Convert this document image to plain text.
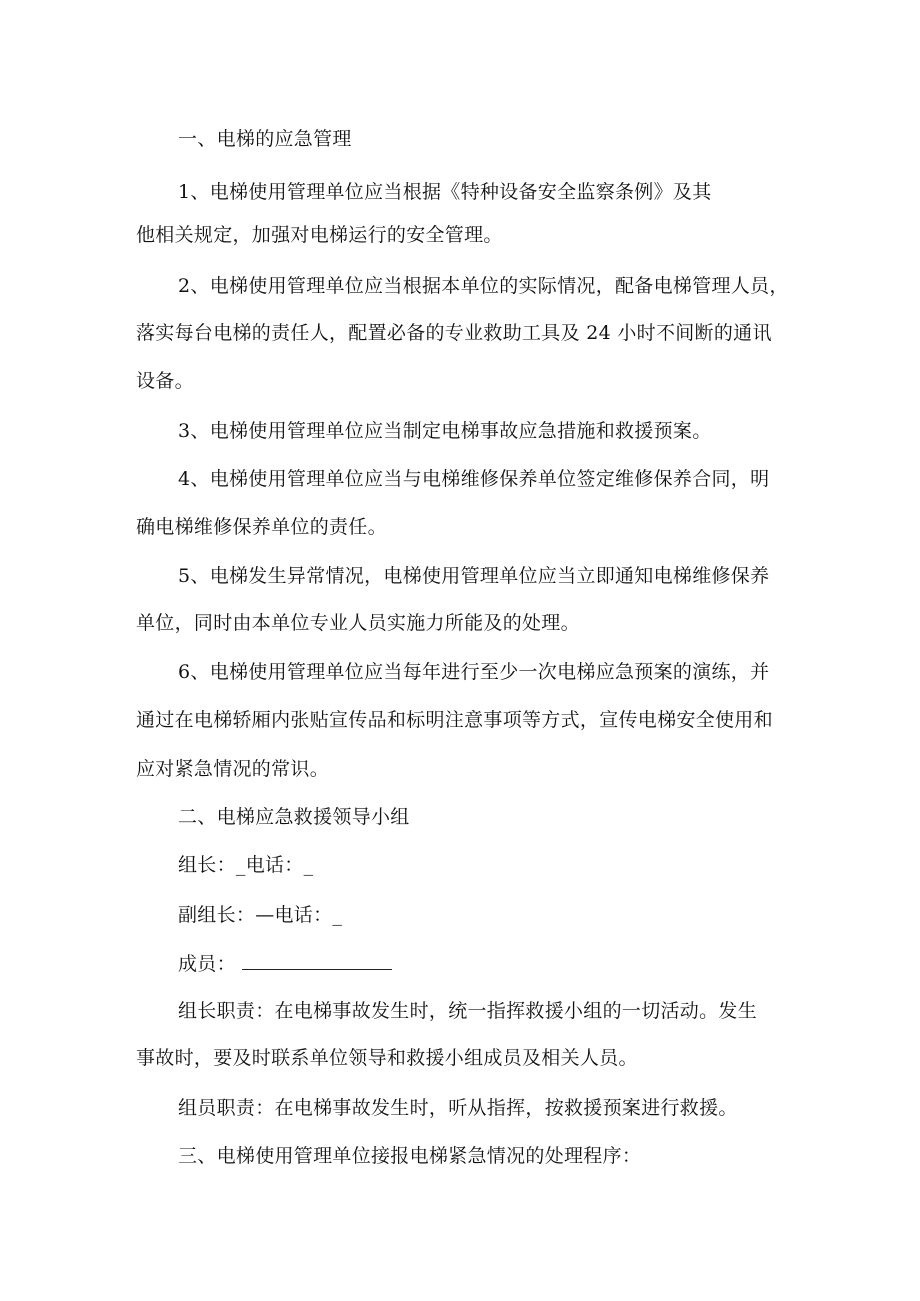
一、电梯的应急管理
1、电梯使用管理单位应当根据《特种设备安全监察条例》及其
他相关规定，加强对电梯运行的安全管理。
2、电梯使用管理单位应当根据本单位的实际情况，配备电梯管理人员，
落实每台电梯的责任人，配置必备的专业救助工具及 24 小时不间断的通讯
设备。
3、电梯使用管理单位应当制定电梯事故应急措施和救援预案。
4、电梯使用管理单位应当与电梯维修保养单位签定维修保养合同，明
确电梯维修保养单位的责任。
5、电梯发生异常情况，电梯使用管理单位应当立即通知电梯维修保养
单位，同时由本单位专业人员实施力所能及的处理。
6、电梯使用管理单位应当每年进行至少一次电梯应急预案的演练，并
通过在电梯轿厢内张贴宣传品和标明注意事项等方式，宣传电梯安全使用和
应对紧急情况的常识。
二、电梯应急救援领导小组
组长：_电话：_
副组长：—电话：_
成员：
组长职责：在电梯事故发生时，统一指挥救援小组的一切活动。发生
事故时，要及时联系单位领导和救援小组成员及相关人员。
组员职责：在电梯事故发生时，听从指挥，按救援预案进行救援。
三、电梯使用管理单位接报电梯紧急情况的处理程序：
